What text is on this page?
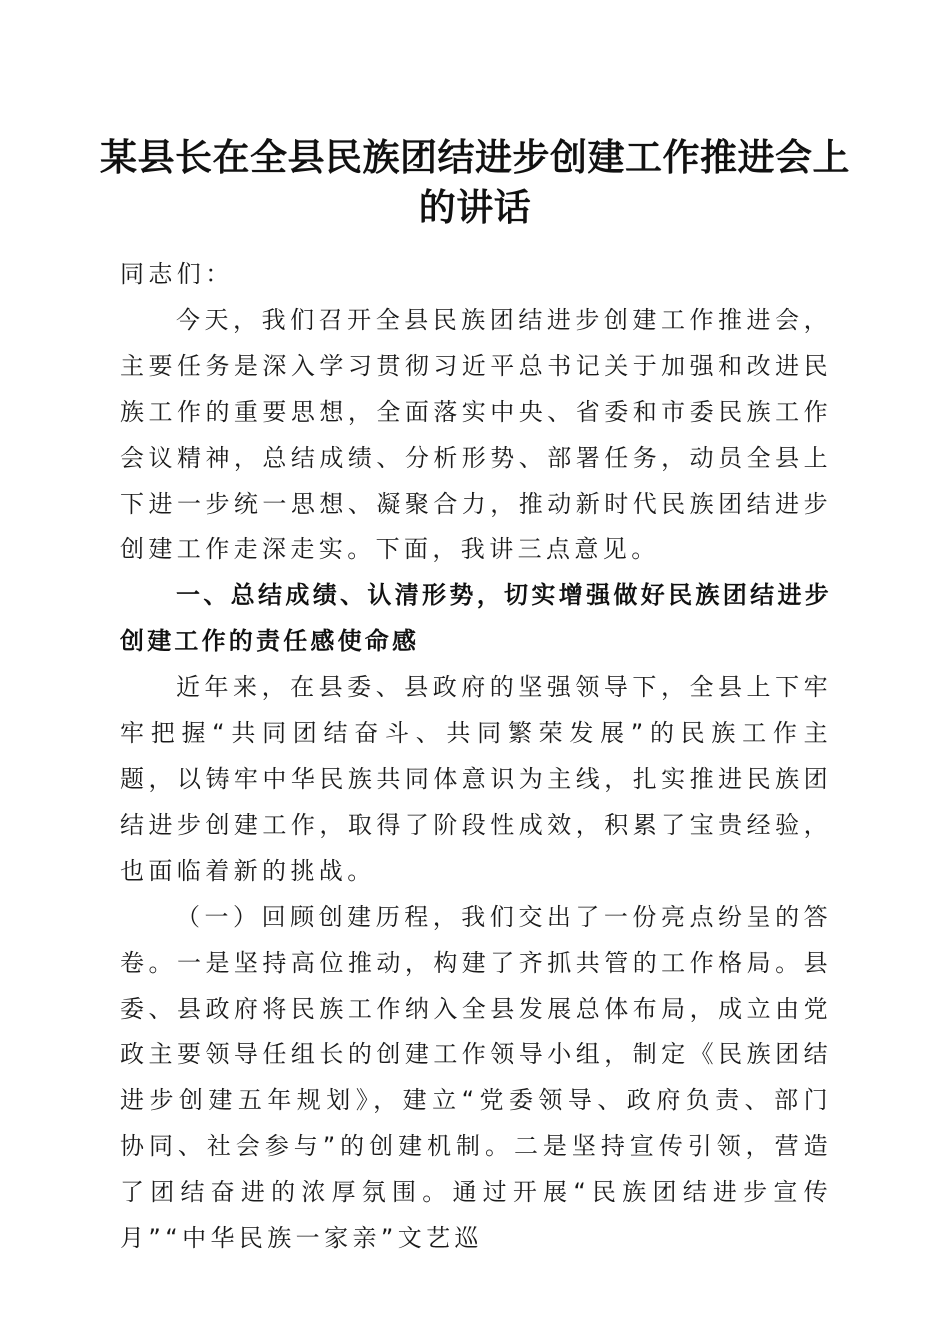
某县长在全县民族团结进步创建工作推进会上
的讲话

同志们：

今天，我们召开全县民族团结进步创建工作推进会，主要任务是深入学习贯彻习近平总书记关于加强和改进民族工作的重要思想，全面落实中央、省委和市委民族工作会议精神，总结成绩、分析形势、部署任务，动员全县上下进一步统一思想、凝聚合力，推动新时代民族团结进步创建工作走深走实。下面，我讲三点意见。

一、总结成绩、认清形势，切实增强做好民族团结进步创建工作的责任感使命感

近年来，在县委、县政府的坚强领导下，全县上下牢牢把握“共同团结奋斗、共同繁荣发展”的民族工作主题，以铸牢中华民族共同体意识为主线，扎实推进民族团结进步创建工作，取得了阶段性成效，积累了宝贵经验，也面临着新的挑战。

（一）回顾创建历程，我们交出了一份亮点纷呈的答卷。一是坚持高位推动，构建了齐抓共管的工作格局。县委、县政府将民族工作纳入全县发展总体布局，成立由党政主要领导任组长的创建工作领导小组，制定《民族团结进步创建五年规划》，建立“党委领导、政府负责、部门协同、社会参与”的创建机制。二是坚持宣传引领，营造了团结奋进的浓厚氛围。通过开展“民族团结进步宣传月”“中华民族一家亲”文艺巡
